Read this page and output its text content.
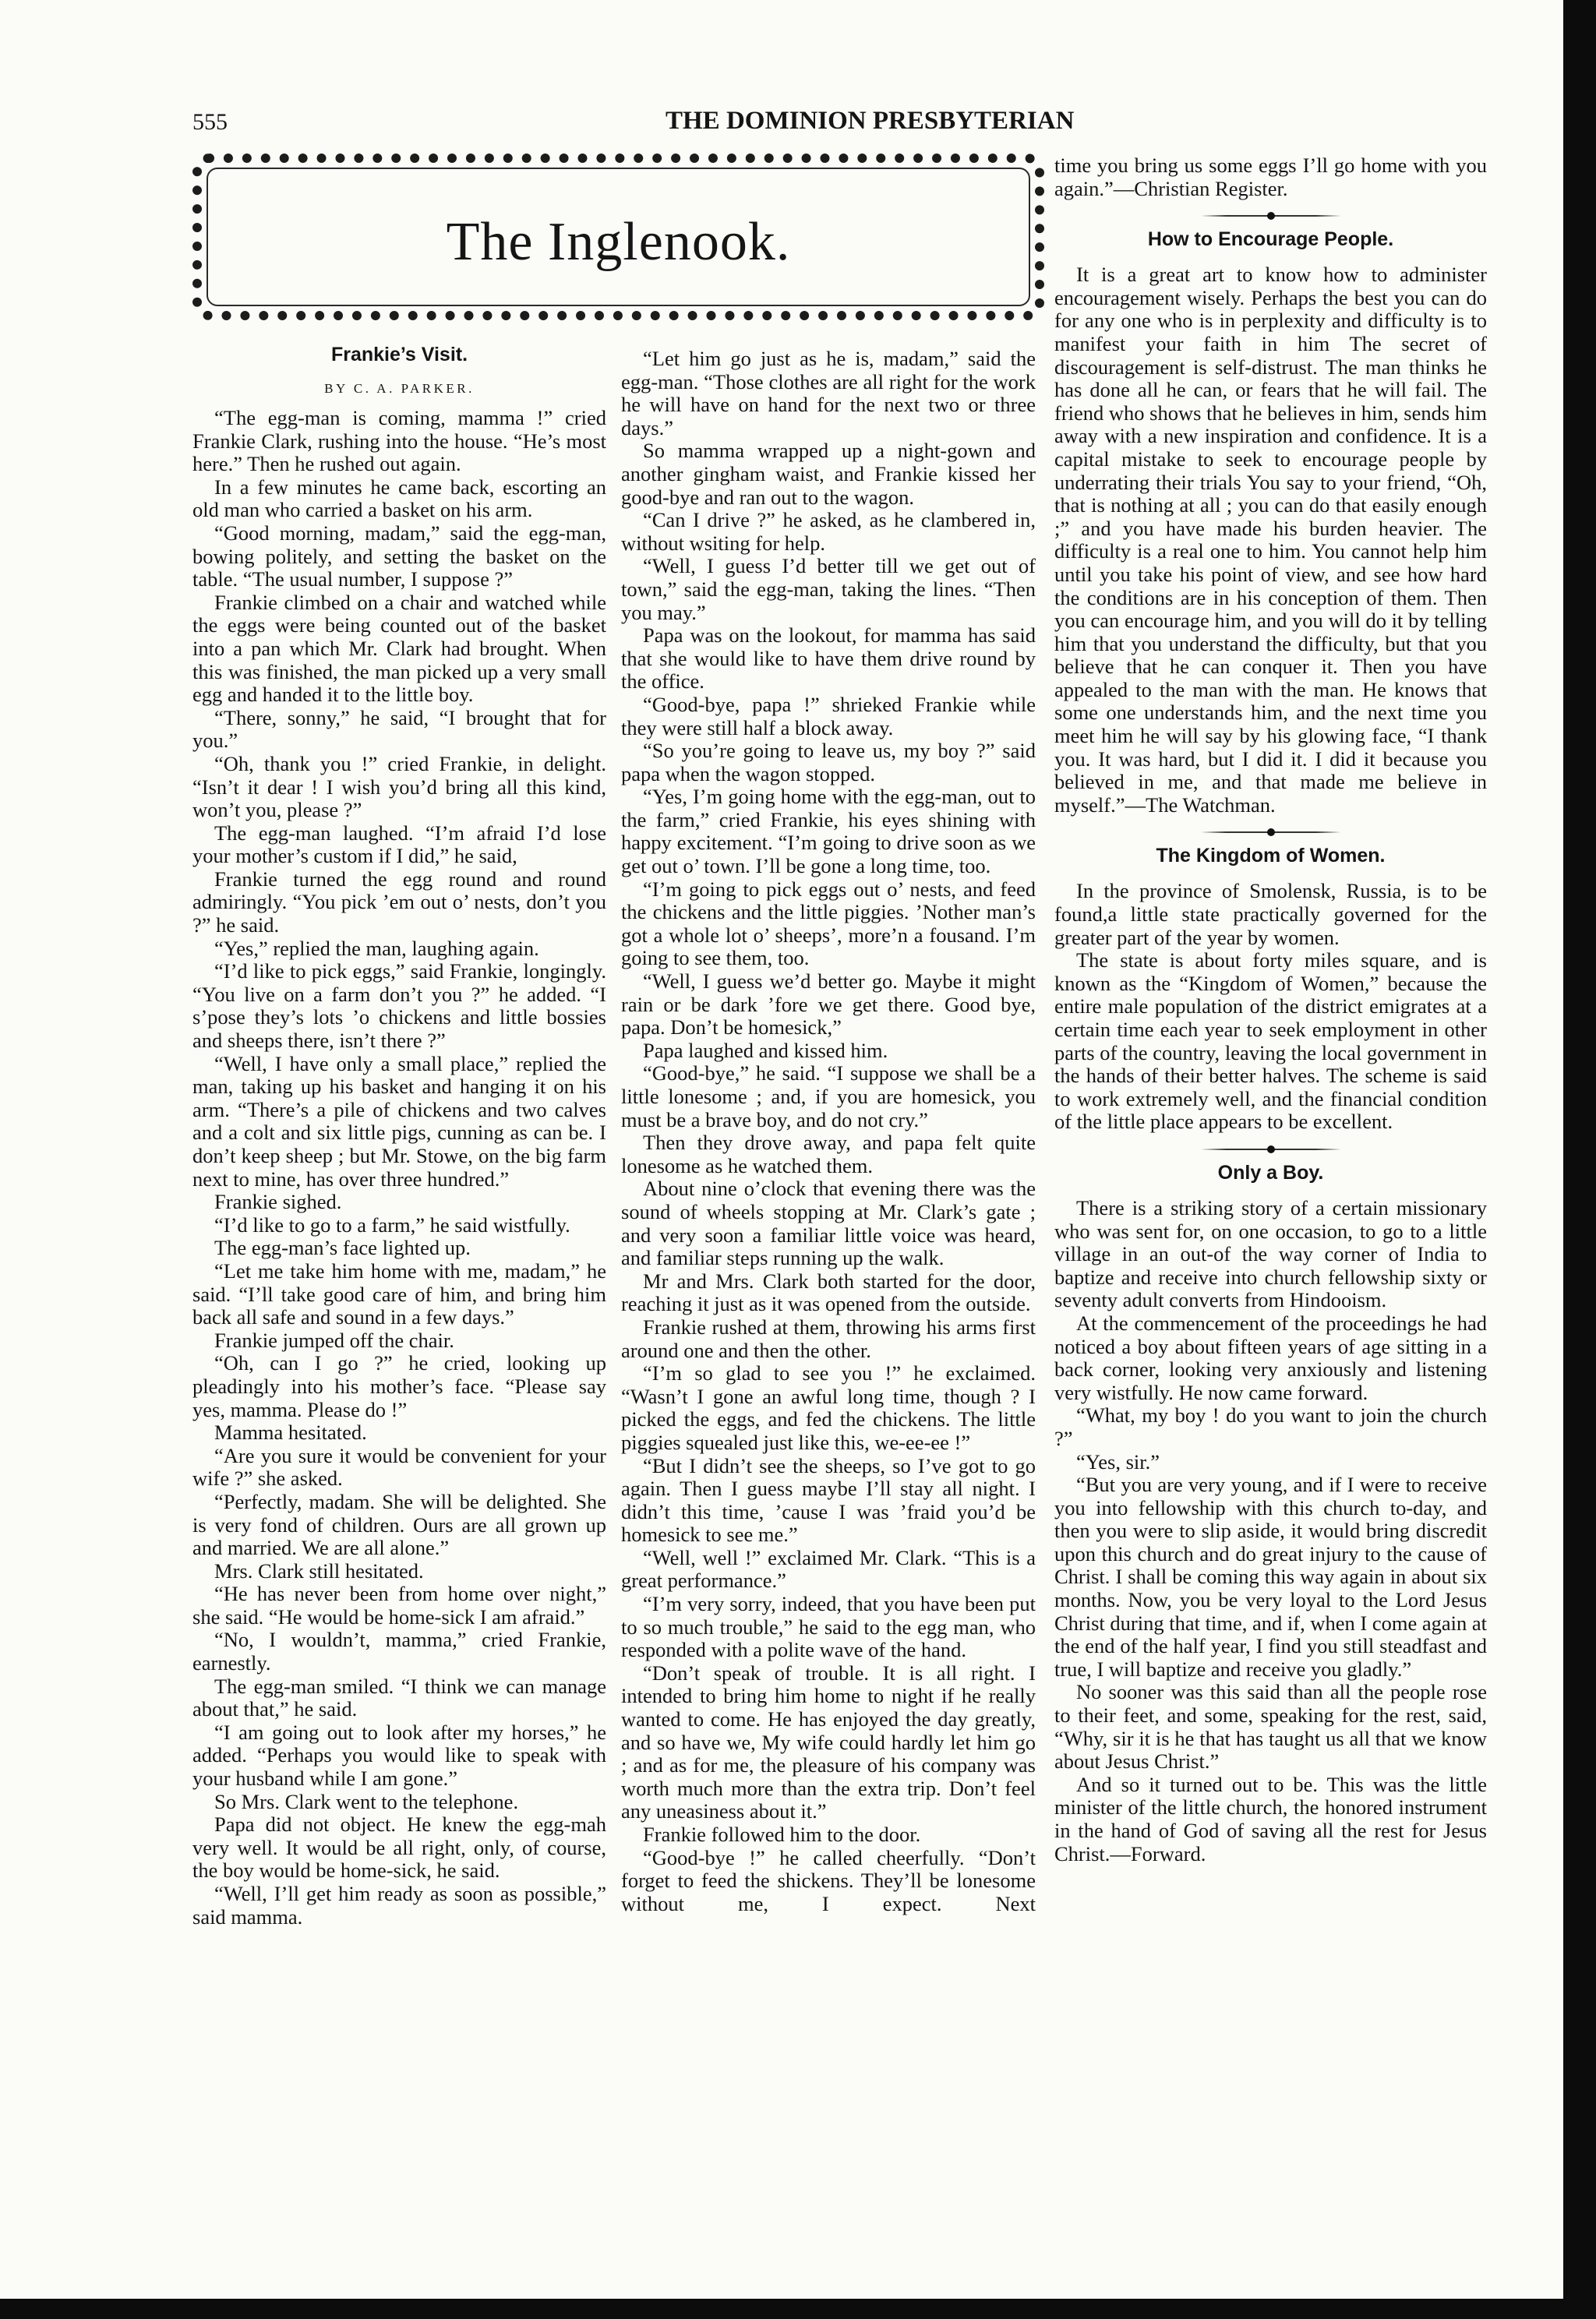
555	THE DOMINION PRESBYTERIAN
The Inglenook.
Frankie’s Visit.
BY C. A. PARKER.

“The egg-man is coming, mamma !” cried Frankie Clark, rushing into the house. “He’s most here.” Then he rushed out again.

In a few minutes he came back, escorting an old man who carried a basket on his arm.

“Good morning, madam,” said the egg-man, bowing politely, and setting the basket on the table. “The usual number, I suppose ?”

Frankie climbed on a chair and watched while the eggs were being counted out of the basket into a pan which Mr. Clark had brought. When this was finished, the man picked up a very small egg and handed it to the little boy.

“There, sonny,” he said, “I brought that for you.”

“Oh, thank you !” cried Frankie, in delight. “Isn’t it dear ! I wish you’d bring all this kind, won’t you, please ?”

The egg-man laughed. “I’m afraid I’d lose your mother’s custom if I did,” he said,

Frankie turned the egg round and round admiringly. “You pick ’em out o’ nests, don’t you ?” he said.

“Yes,” replied the man, laughing again.

“I’d like to pick eggs,” said Frankie, longingly. “You live on a farm don’t you ?” he added. “I s’pose they’s lots ’o chickens and little bossies and sheeps there, isn’t there ?”

“Well, I have only a small place,” replied the man, taking up his basket and hanging it on his arm. “There’s a pile of chickens and two calves and a colt and six little pigs, cunning as can be. I don’t keep sheep ; but Mr. Stowe, on the big farm next to mine, has over three hundred.”

Frankie sighed.

“I’d like to go to a farm,” he said wistfully.

The egg-man’s face lighted up.

“Let me take him home with me, madam,” he said. “I’ll take good care of him, and bring him back all safe and sound in a few days.”

Frankie jumped off the chair.

“Oh, can I go ?” he cried, looking up pleadingly into his mother’s face. “Please say yes, mamma. Please do !”

Mamma hesitated.

“Are you sure it would be convenient for your wife ?” she asked.

“Perfectly, madam. She will be delighted. She is very fond of children. Ours are all grown up and married. We are all alone.”

Mrs. Clark still hesitated.

“He has never been from home over night,” she said. “He would be home-sick I am afraid.”

“No, I wouldn’t, mamma,” cried Frankie, earnestly.

The egg-man smiled. “I think we can manage about that,” he said.

“I am going out to look after my horses,” he added. “Perhaps you would like to speak with your husband while I am gone.”

So Mrs. Clark went to the telephone.

Papa did not object. He knew the egg-mah very well. It would be all right, only, of course, the boy would be home-sick, he said.

“Well, I’ll get him ready as soon as possible,” said mamma.

“Let him go just as he is, madam,” said the egg-man. “Those clothes are all right for the work he will have on hand for the next two or three days.”

So mamma wrapped up a night-gown and another gingham waist, and Frankie kissed her good-bye and ran out to the wagon.

“Can I drive ?” he asked, as he clambered in, without wsiting for help.

“Well, I guess I’d better till we get out of town,” said the egg-man, taking the lines. “Then you may.”

Papa was on the lookout, for mamma has said that she would like to have them drive round by the office.

“Good-bye, papa !” shrieked Frankie while they were still half a block away.

“So you’re going to leave us, my boy ?” said papa when the wagon stopped.

“Yes, I’m going home with the egg-man, out to the farm,” cried Frankie, his eyes shining with happy excitement. “I’m going to drive soon as we get out o’ town. I’ll be gone a long time, too.

“I’m going to pick eggs out o’ nests, and feed the chickens and the little piggies. ’Nother man’s got a whole lot o’ sheeps’, more’n a fousand. I’m going to see them, too.

“Well, I guess we’d better go. Maybe it might rain or be dark ’fore we get there. Good bye, papa. Don’t be homesick,”

Papa laughed and kissed him.

“Good-bye,” he said. “I suppose we shall be a little lonesome ; and, if you are homesick, you must be a brave boy, and do not cry.”

Then they drove away, and papa felt quite lonesome as he watched them.

About nine o’clock that evening there was the sound of wheels stopping at Mr. Clark’s gate ; and very soon a familiar little voice was heard, and familiar steps running up the walk.

Mr and Mrs. Clark both started for the door, reaching it just as it was opened from the outside.

Frankie rushed at them, throwing his arms first around one and then the other.

“I’m so glad to see you !” he exclaimed. “Wasn’t I gone an awful long time, though ? I picked the eggs, and fed the chickens. The little piggies squealed just like this, we-ee-ee !”

“But I didn’t see the sheeps, so I’ve got to go again. Then I guess maybe I’ll stay all night. I didn’t this time, ’cause I was ’fraid you’d be homesick to see me.”

“Well, well !” exclaimed Mr. Clark. “This is a great performance.”

“I’m very sorry, indeed, that you have been put to so much trouble,” he said to the egg man, who responded with a polite wave of the hand.

“Don’t speak of trouble. It is all right. I intended to bring him home to night if he really wanted to come. He has enjoyed the day greatly, and so have we, My wife could hardly let him go ; and as for me, the pleasure of his company was worth much more than the extra trip. Don’t feel any uneasiness about it.”

Frankie followed him to the door.

“Good-bye !” he called cheerfully. “Don’t forget to feed the shickens. They’ll be lonesome without me, I expect. Next

time you bring us some eggs I’ll go home with you again.”—Christian Register.

How to Encourage People.

It is a great art to know how to administer encouragement wisely. Perhaps the best you can do for any one who is in perplexity and difficulty is to manifest your faith in him The secret of discouragement is self-distrust. The man thinks he has done all he can, or fears that he will fail. The friend who shows that he believes in him, sends him away with a new inspiration and confidence. It is a capital mistake to seek to encourage people by underrating their trials You say to your friend, “Oh, that is nothing at all ; you can do that easily enough ;” and you have made his burden heavier. The difficulty is a real one to him. You cannot help him until you take his point of view, and see how hard the conditions are in his conception of them. Then you can encourage him, and you will do it by telling him that you understand the difficulty, but that you believe that he can conquer it. Then you have appealed to the man with the man. He knows that some one understands him, and the next time you meet him he will say by his glowing face, “I thank you. It was hard, but I did it. I did it because you believed in me, and that made me believe in myself.”—The Watchman.

The Kingdom of Women.

In the province of Smolensk, Russia, is to be found,a little state practically governed for the greater part of the year by women.

The state is about forty miles square, and is known as the “Kingdom of Women,” because the entire male population of the district emigrates at a certain time each year to seek employment in other parts of the country, leaving the local government in the hands of their better halves. The scheme is said to work extremely well, and the financial condition of the little place appears to be excellent.

Only a Boy.

There is a striking story of a certain missionary who was sent for, on one occasion, to go to a little village in an out-of the way corner of India to baptize and receive into church fellowship sixty or seventy adult converts from Hindooism.

At the commencement of the proceedings he had noticed a boy about fifteen years of age sitting in a back corner, looking very anxiously and listening very wistfully. He now came forward.

“What, my boy ! do you want to join the church ?”

“Yes, sir.”

“But you are very young, and if I were to receive you into fellowship with this church to-day, and then you were to slip aside, it would bring discredit upon this church and do great injury to the cause of Christ. I shall be coming this way again in about six months. Now, you be very loyal to the Lord Jesus Christ during that time, and if, when I come again at the end of the half year, I find you still steadfast and true, I will baptize and receive you gladly.”

No sooner was this said than all the people rose to their feet, and some, speaking for the rest, said, “Why, sir it is he that has taught us all that we know about Jesus Christ.”

And so it turned out to be. This was the little minister of the little church, the honored instrument in the hand of God of saving all the rest for Jesus Christ.—Forward.
